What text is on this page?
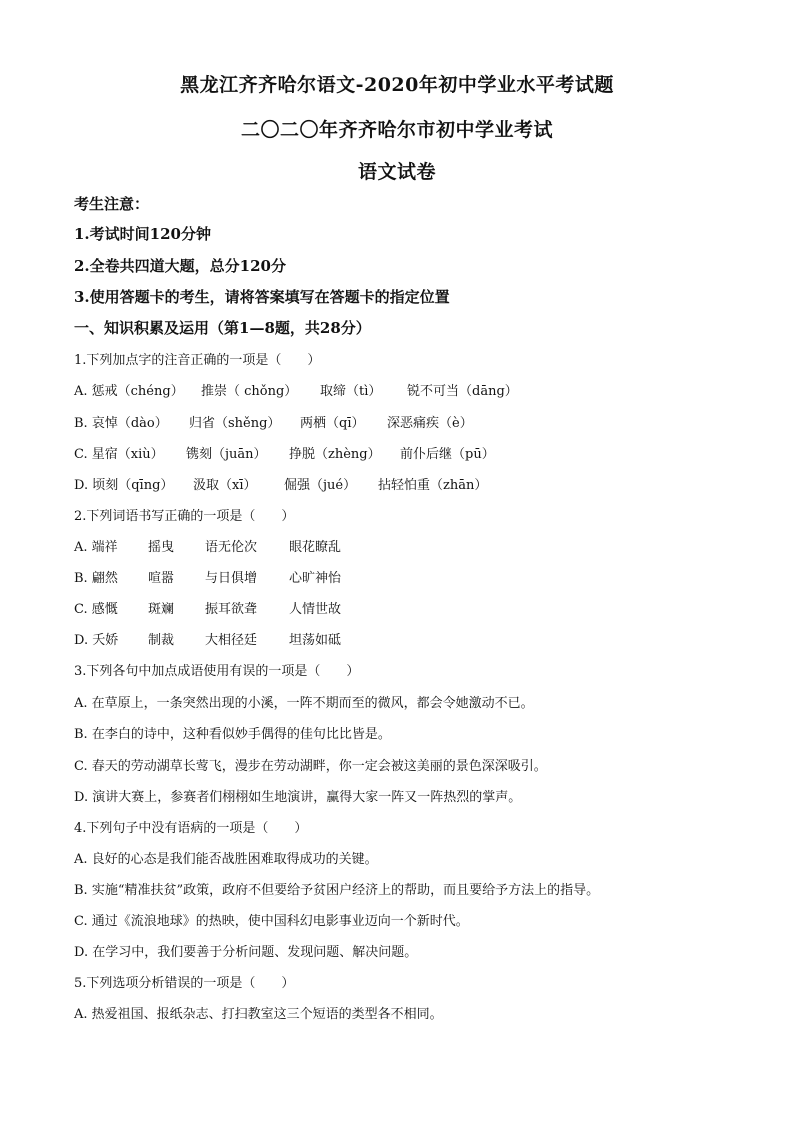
黑龙江齐齐哈尔语文-2020年初中学业水平考试题
二〇二〇年齐齐哈尔市初中学业考试
语文试卷
考生注意：
1.考试时间120分钟
2.全卷共四道大题，总分120分
3.使用答题卡的考生，请将答案填写在答题卡的指定位置
一、知识积累及运用（第1—8题，共28分）
1.下列加点字的注音正确的一项是（　　）
A. 惩戒（chéng） 推崇（ chǒng） 取缔（tì） 锐不可当（dāng）
B. 哀悼（dào） 归省（shěng） 两栖（qī） 深恶痛疾（è）
C. 星宿（xiù） 镌刻（juān） 挣脱（zhèng） 前仆后继（pū）
D. 顷刻（qīng） 汲取（xī） 倔强（jué） 拈轻怕重（zhān）
2.下列词语书写正确的一项是（　　）
A. 端祥 摇曳 语无伦次 眼花瞭乱
B. 翩然 喧嚣 与日俱增 心旷神怡
C. 感慨 斑斓 振耳欲聋 人情世故
D. 夭娇 制裁 大相径廷 坦荡如砥
3.下列各句中加点成语使用有误的一项是（　　）
A. 在草原上，一条突然出现的小溪，一阵不期而至的微风，都会令她激动不已。
B. 在李白的诗中，这种看似妙手偶得的佳句比比皆是。
C. 春天的劳动湖草长莺飞，漫步在劳动湖畔，你一定会被这美丽的景色深深吸引。
D. 演讲大赛上，参赛者们栩栩如生地演讲，赢得大家一阵又一阵热烈的掌声。
4.下列句子中没有语病的一项是（　　）
A. 良好的心态是我们能否战胜困难取得成功的关键。
B. 实施“精准扶贫”政策，政府不但要给予贫困户经济上的帮助，而且要给予方法上的指导。
C. 通过《流浪地球》的热映，使中国科幻电影事业迈向一个新时代。
D. 在学习中，我们要善于分析问题、发现问题、解决问题。
5.下列选项分析错误的一项是（　　）
A. 热爱祖国、报纸杂志、打扫教室这三个短语的类型各不相同。
